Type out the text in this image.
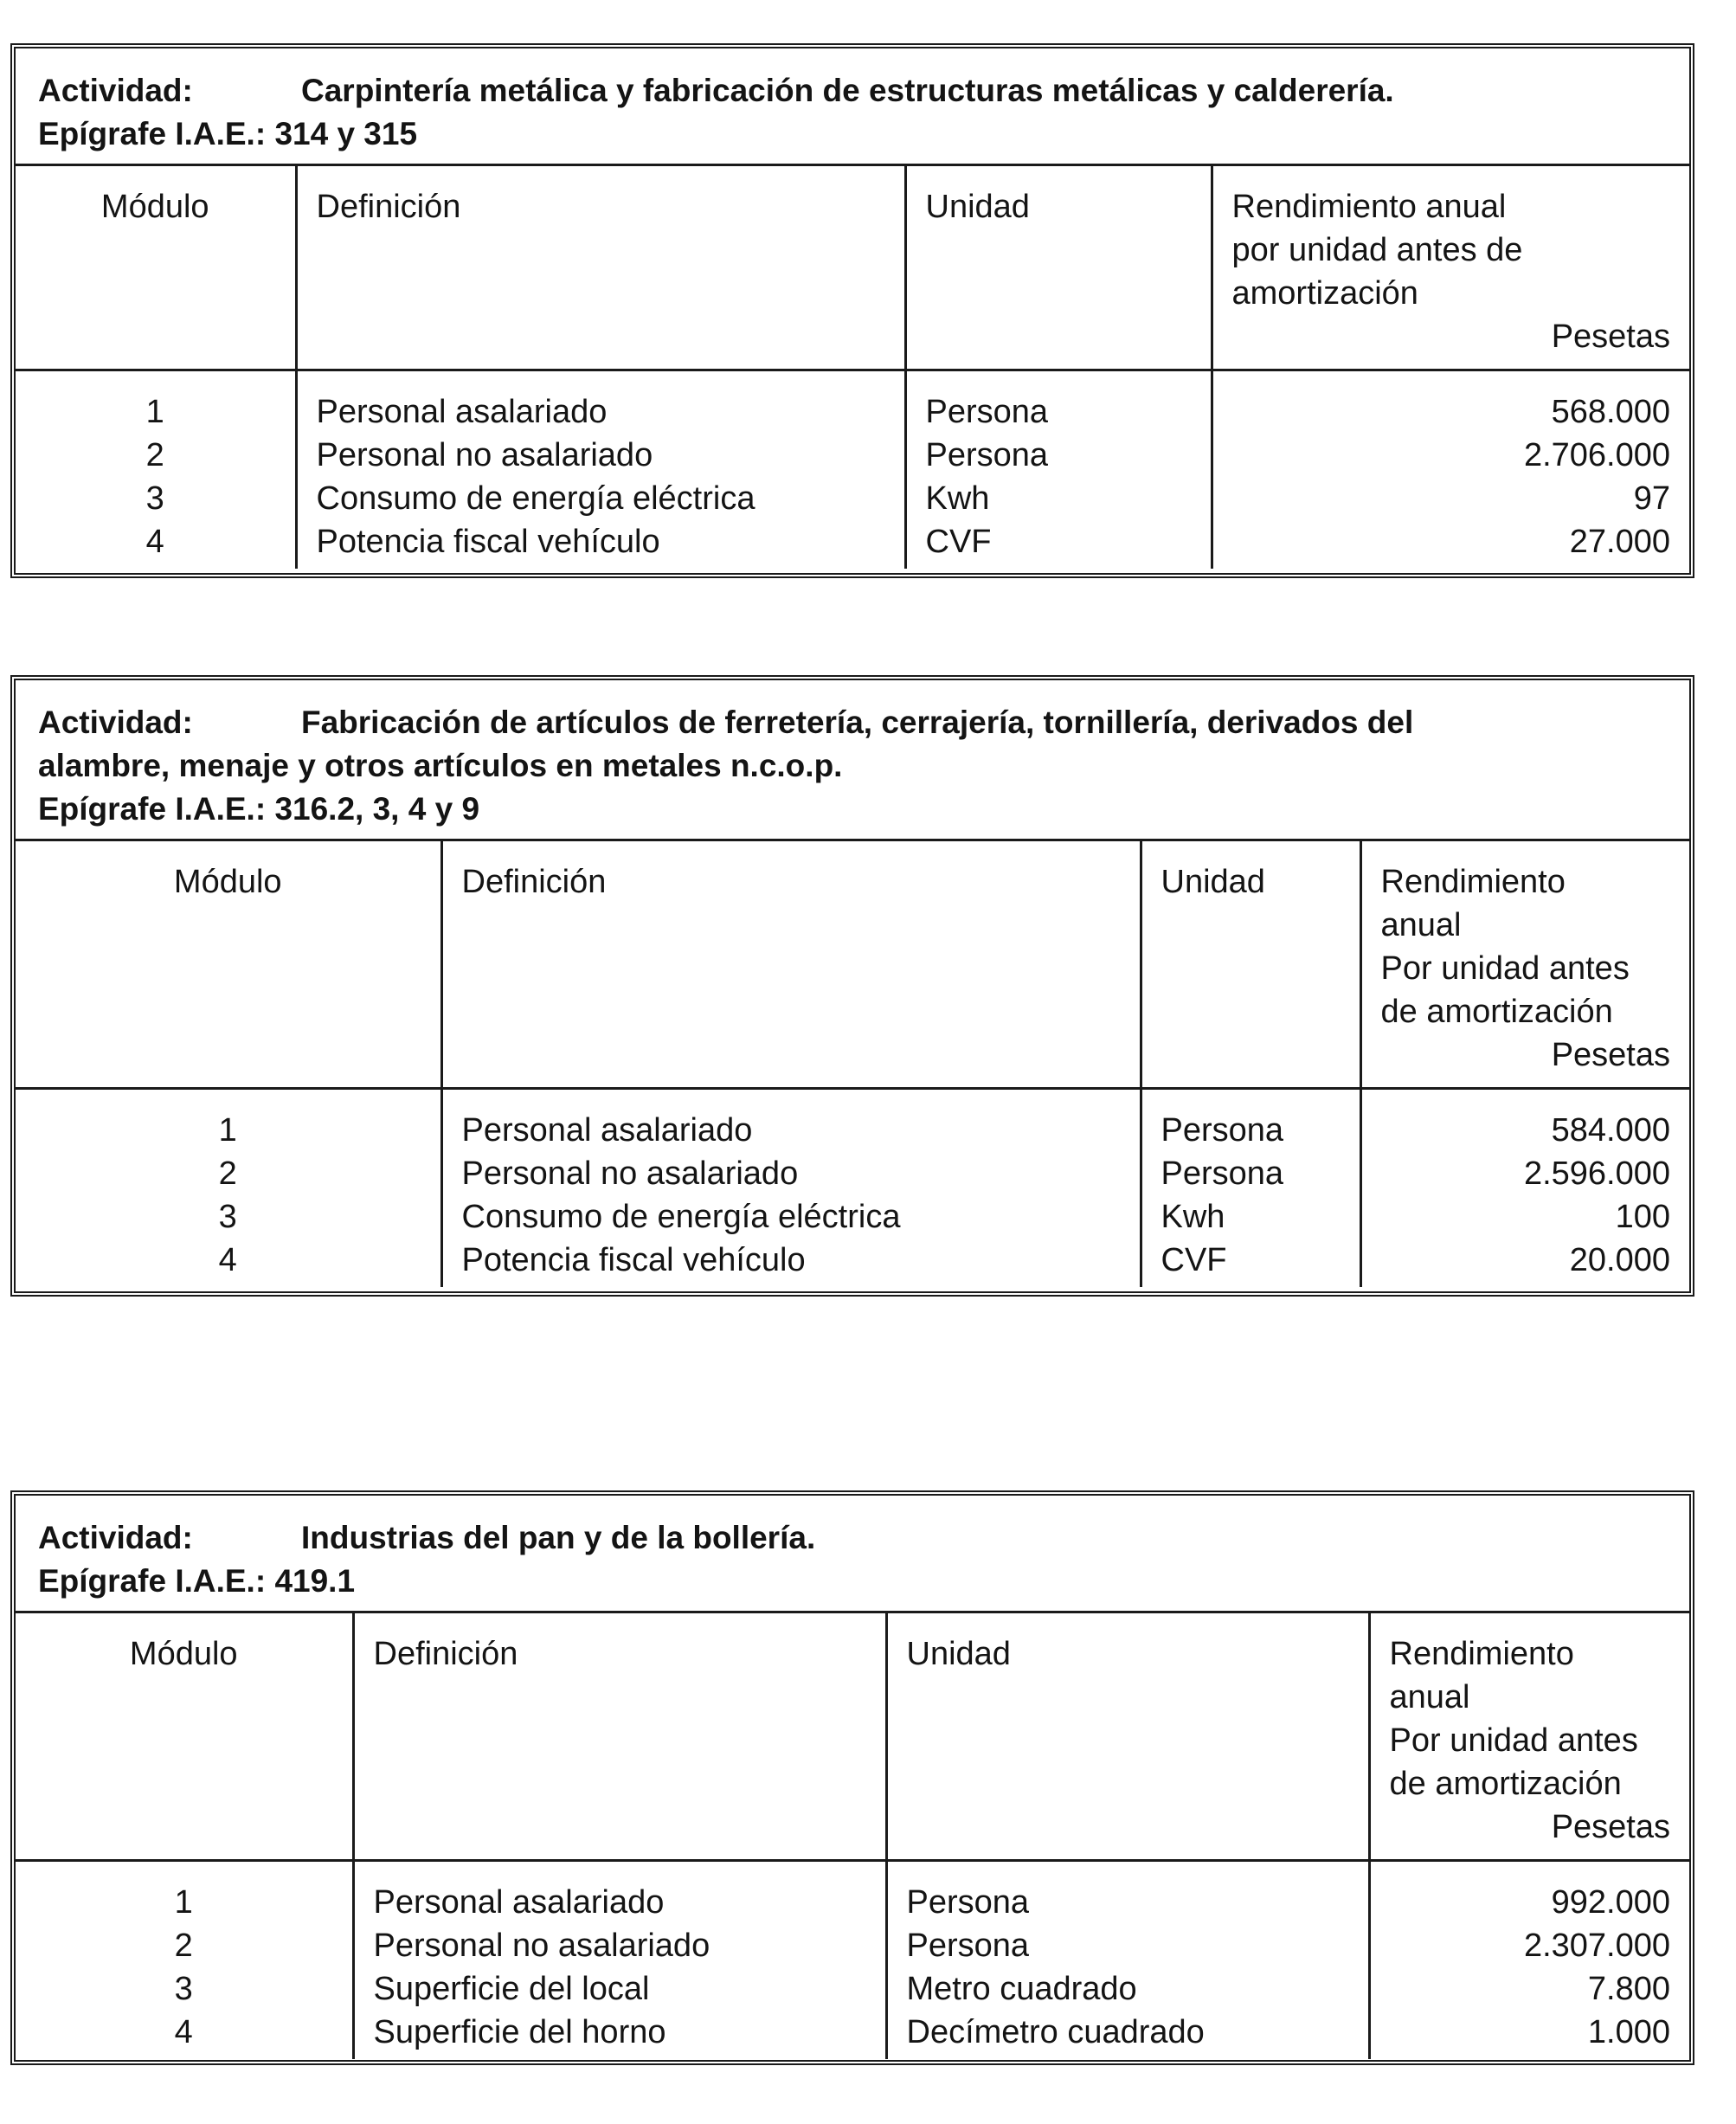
Actividad:	Carpintería metálica y fabricación de estructuras metálicas y calderería.
Epígrafe I.A.E.: 314 y 315
Módulo	Definición	Unidad	Rendimiento anual
por unidad antes de
amortización
Pesetas

1	Personal asalariado	Persona	568.000
2	Personal no asalariado	Persona	2.706.000
3	Consumo de energía eléctrica	Kwh	97
4	Potencia fiscal vehículo	CVF	27.000
Actividad:	Fabricación de artículos de ferretería, cerrajería, tornillería, derivados del
alambre, menaje y otros artículos en metales n.c.o.p.
Epígrafe I.A.E.: 316.2, 3, 4 y 9
Módulo	Definición	Unidad	Rendimiento
anual
Por unidad antes
de amortización
Pesetas

1	Personal asalariado	Persona	584.000
2	Personal no asalariado	Persona	2.596.000
3	Consumo de energía eléctrica	Kwh	100
4	Potencia fiscal vehículo	CVF	20.000
Actividad:	Industrias del pan y de la bollería.
Epígrafe I.A.E.: 419.1
Módulo	Definición	Unidad	Rendimiento
anual
Por unidad antes
de amortización
Pesetas

1	Personal asalariado	Persona	992.000
2	Personal no asalariado	Persona	2.307.000
3	Superficie del local	Metro cuadrado	7.800
4	Superficie del horno	Decímetro cuadrado	1.000
